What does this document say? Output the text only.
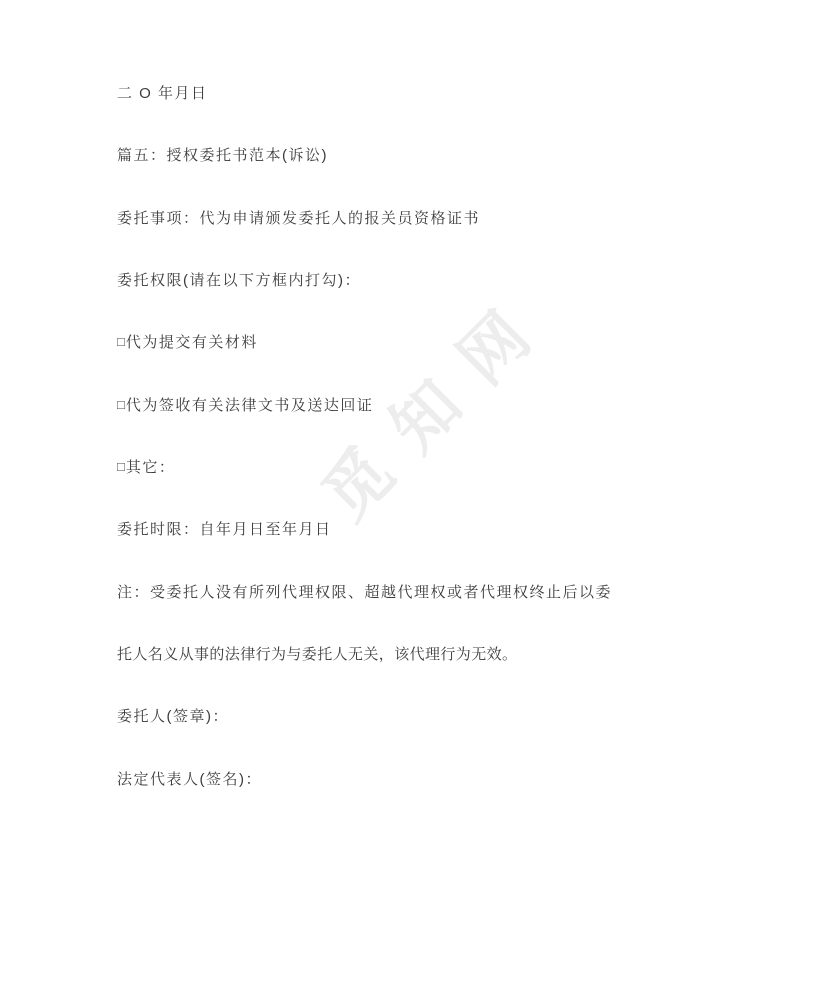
觅知网
二 O 年月日
篇五：授权委托书范本(诉讼)
委托事项：代为申请颁发委托人的报关员资格证书
委托权限(请在以下方框内打勾)：
□代为提交有关材料
□代为签收有关法律文书及送达回证
□其它：
委托时限：自年月日至年月日
注：受委托人没有所列代理权限、超越代理权或者代理权终止后以委
托人名义从事的法律行为与委托人无关，该代理行为无效。
委托人(签章)：
法定代表人(签名)：
